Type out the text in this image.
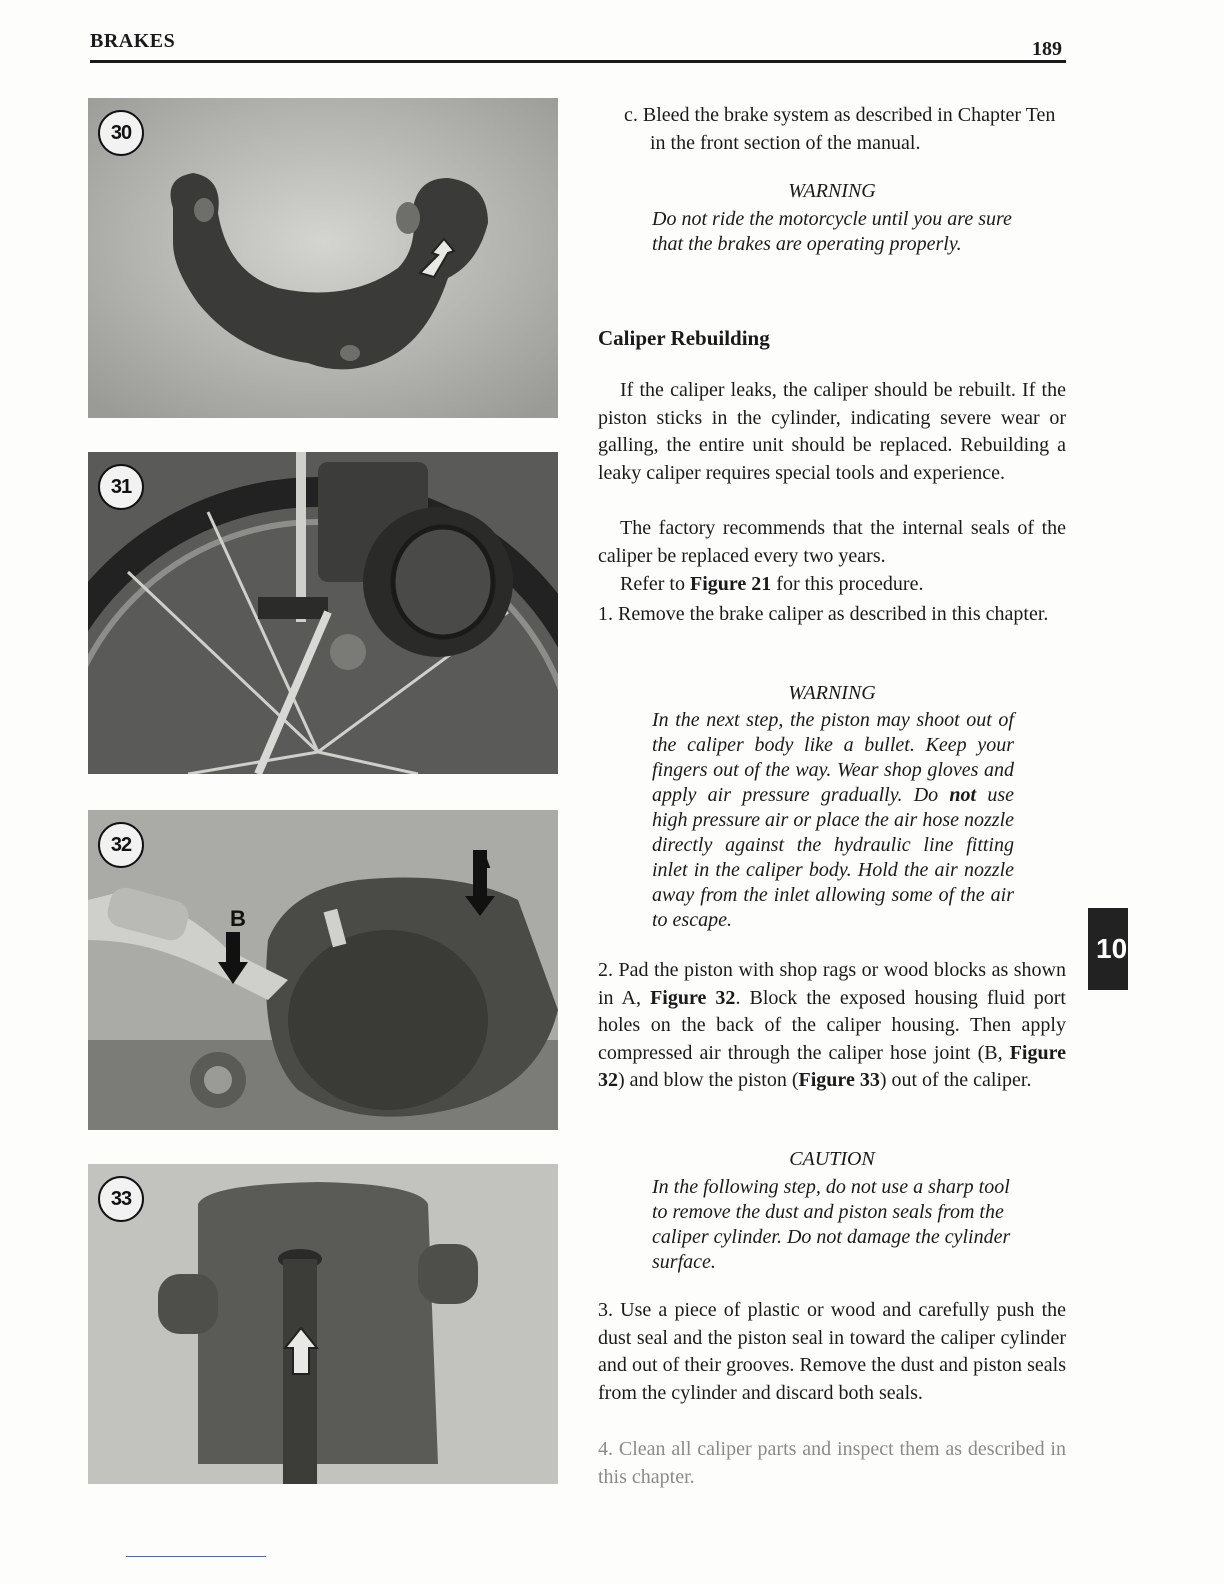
BRAKES	189
30
31
32
A
B
33
c. Bleed the brake system as described in Chapter Ten in the front section of the manual.
WARNING
Do not ride the motorcycle until you are sure that the brakes are operating properly.
Caliper Rebuilding
If the caliper leaks, the caliper should be rebuilt. If the piston sticks in the cylinder, indicating severe wear or galling, the entire unit should be replaced. Rebuilding a leaky caliper requires special tools and experience.
The factory recommends that the internal seals of the caliper be replaced every two years.
Refer to Figure 21 for this procedure.
1. Remove the brake caliper as described in this chapter.
WARNING
In the next step, the piston may shoot out of the caliper body like a bullet. Keep your fingers out of the way. Wear shop gloves and apply air pressure gradually. Do not use high pressure air or place the air hose nozzle directly against the hydraulic line fitting inlet in the caliper body. Hold the air nozzle away from the inlet allowing some of the air to escape.
2. Pad the piston with shop rags or wood blocks as shown in A, Figure 32. Block the exposed housing fluid port holes on the back of the caliper housing. Then apply compressed air through the caliper hose joint (B, Figure 32) and blow the piston (Figure 33) out of the caliper.
CAUTION
In the following step, do not use a sharp tool to remove the dust and piston seals from the caliper cylinder. Do not damage the cylinder surface.
3. Use a piece of plastic or wood and carefully push the dust seal and the piston seal in toward the caliper cylinder and out of their grooves. Remove the dust and piston seals from the cylinder and discard both seals.
4. Clean all caliper parts and inspect them as described in this chapter.
10
